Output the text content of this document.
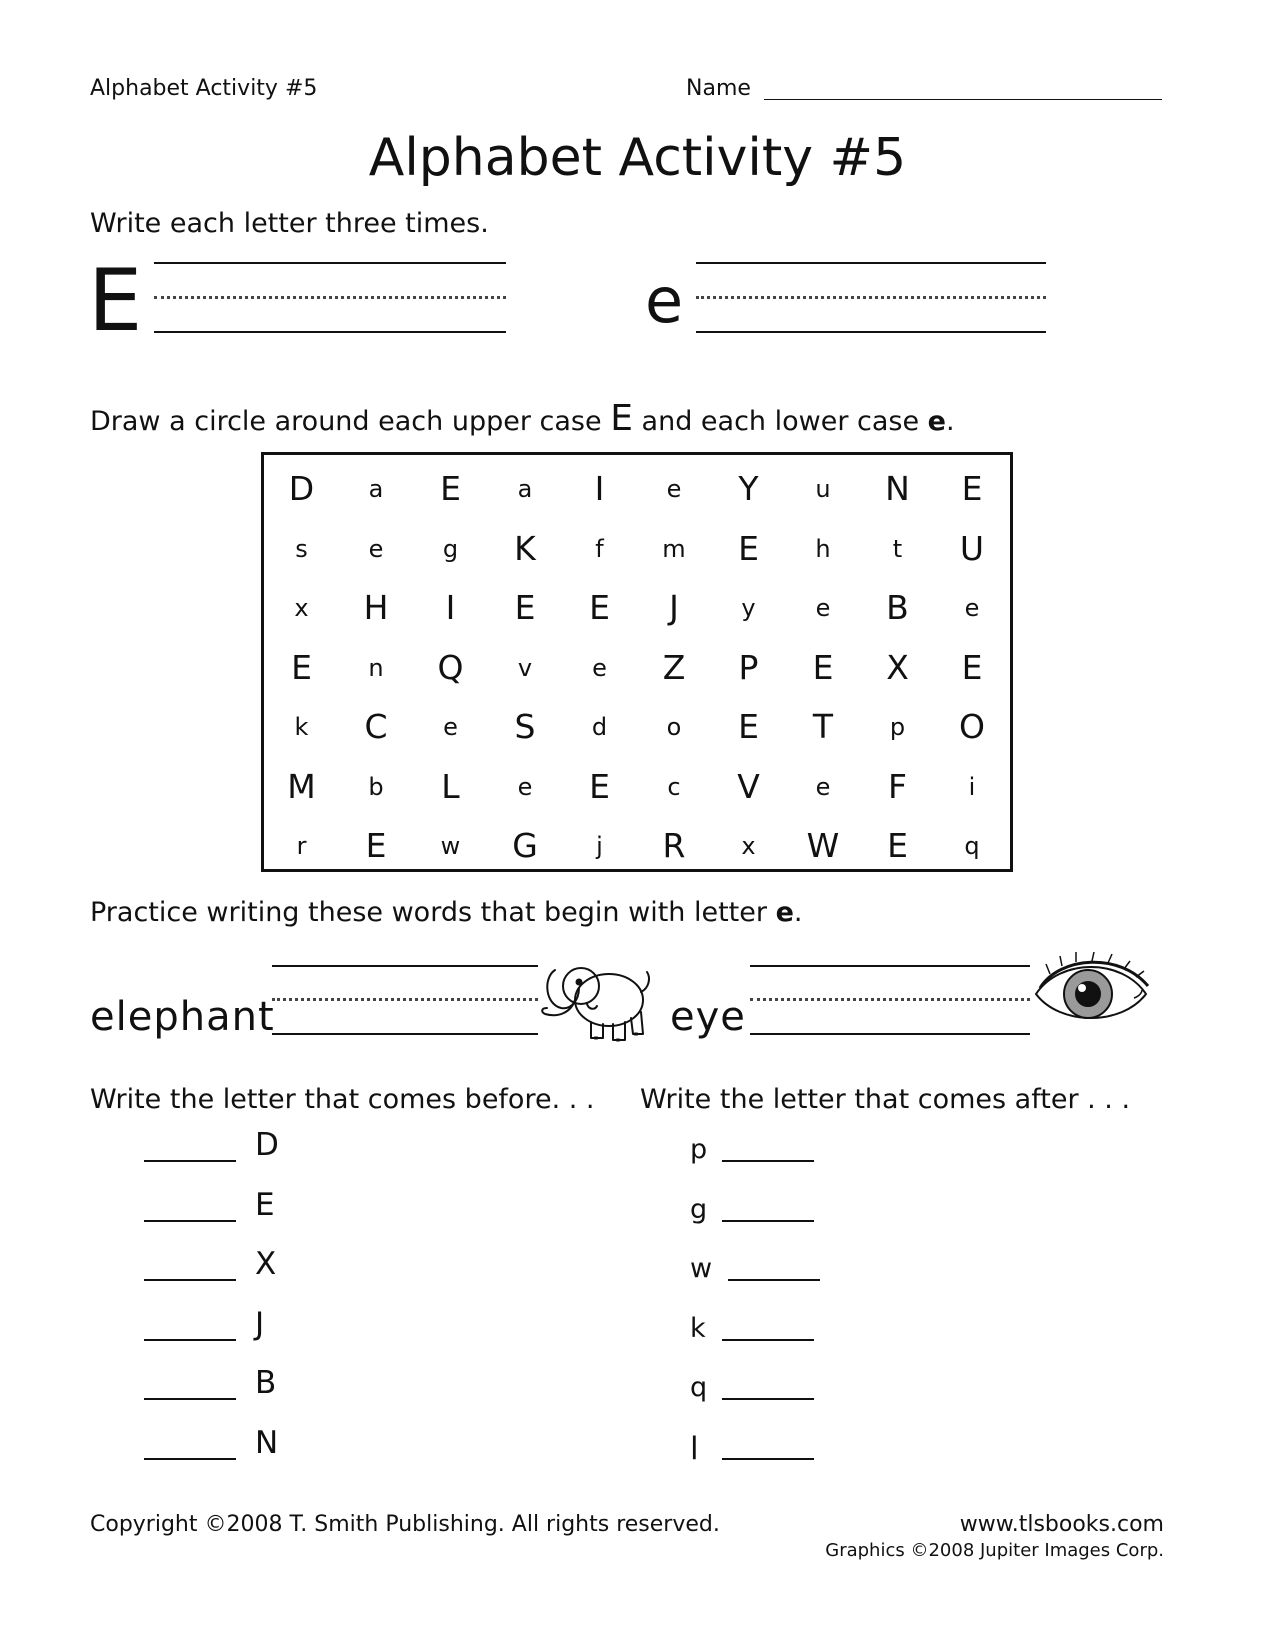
Alphabet Activity #5	Name
Alphabet Activity #5
Write each letter three times.
E	e
Draw a circle around each upper case E and each lower case e.
D	a	E	a	I	e	Y	u	N	E
s	e	g	K	f	m	E	h	t	U
x	H	I	E	E	J	y	e	B	e
E	n	Q	v	e	Z	P	E	X	E
k	C	e	S	d	o	E	T	p	O
M	b	L	e	E	c	V	e	F	i
r	E	w	G	j	R	x	W	E	q
Practice writing these words that begin with letter e.
elephant	eye
Write the letter that comes before. . . Write the letter that comes after . . .
D
E
X
J
B
N
p
g
w
k
q
l
Copyright ©2008 T. Smith Publishing. All rights reserved.	www.tlsbooks.com
Graphics ©2008 Jupiter Images Corp.
